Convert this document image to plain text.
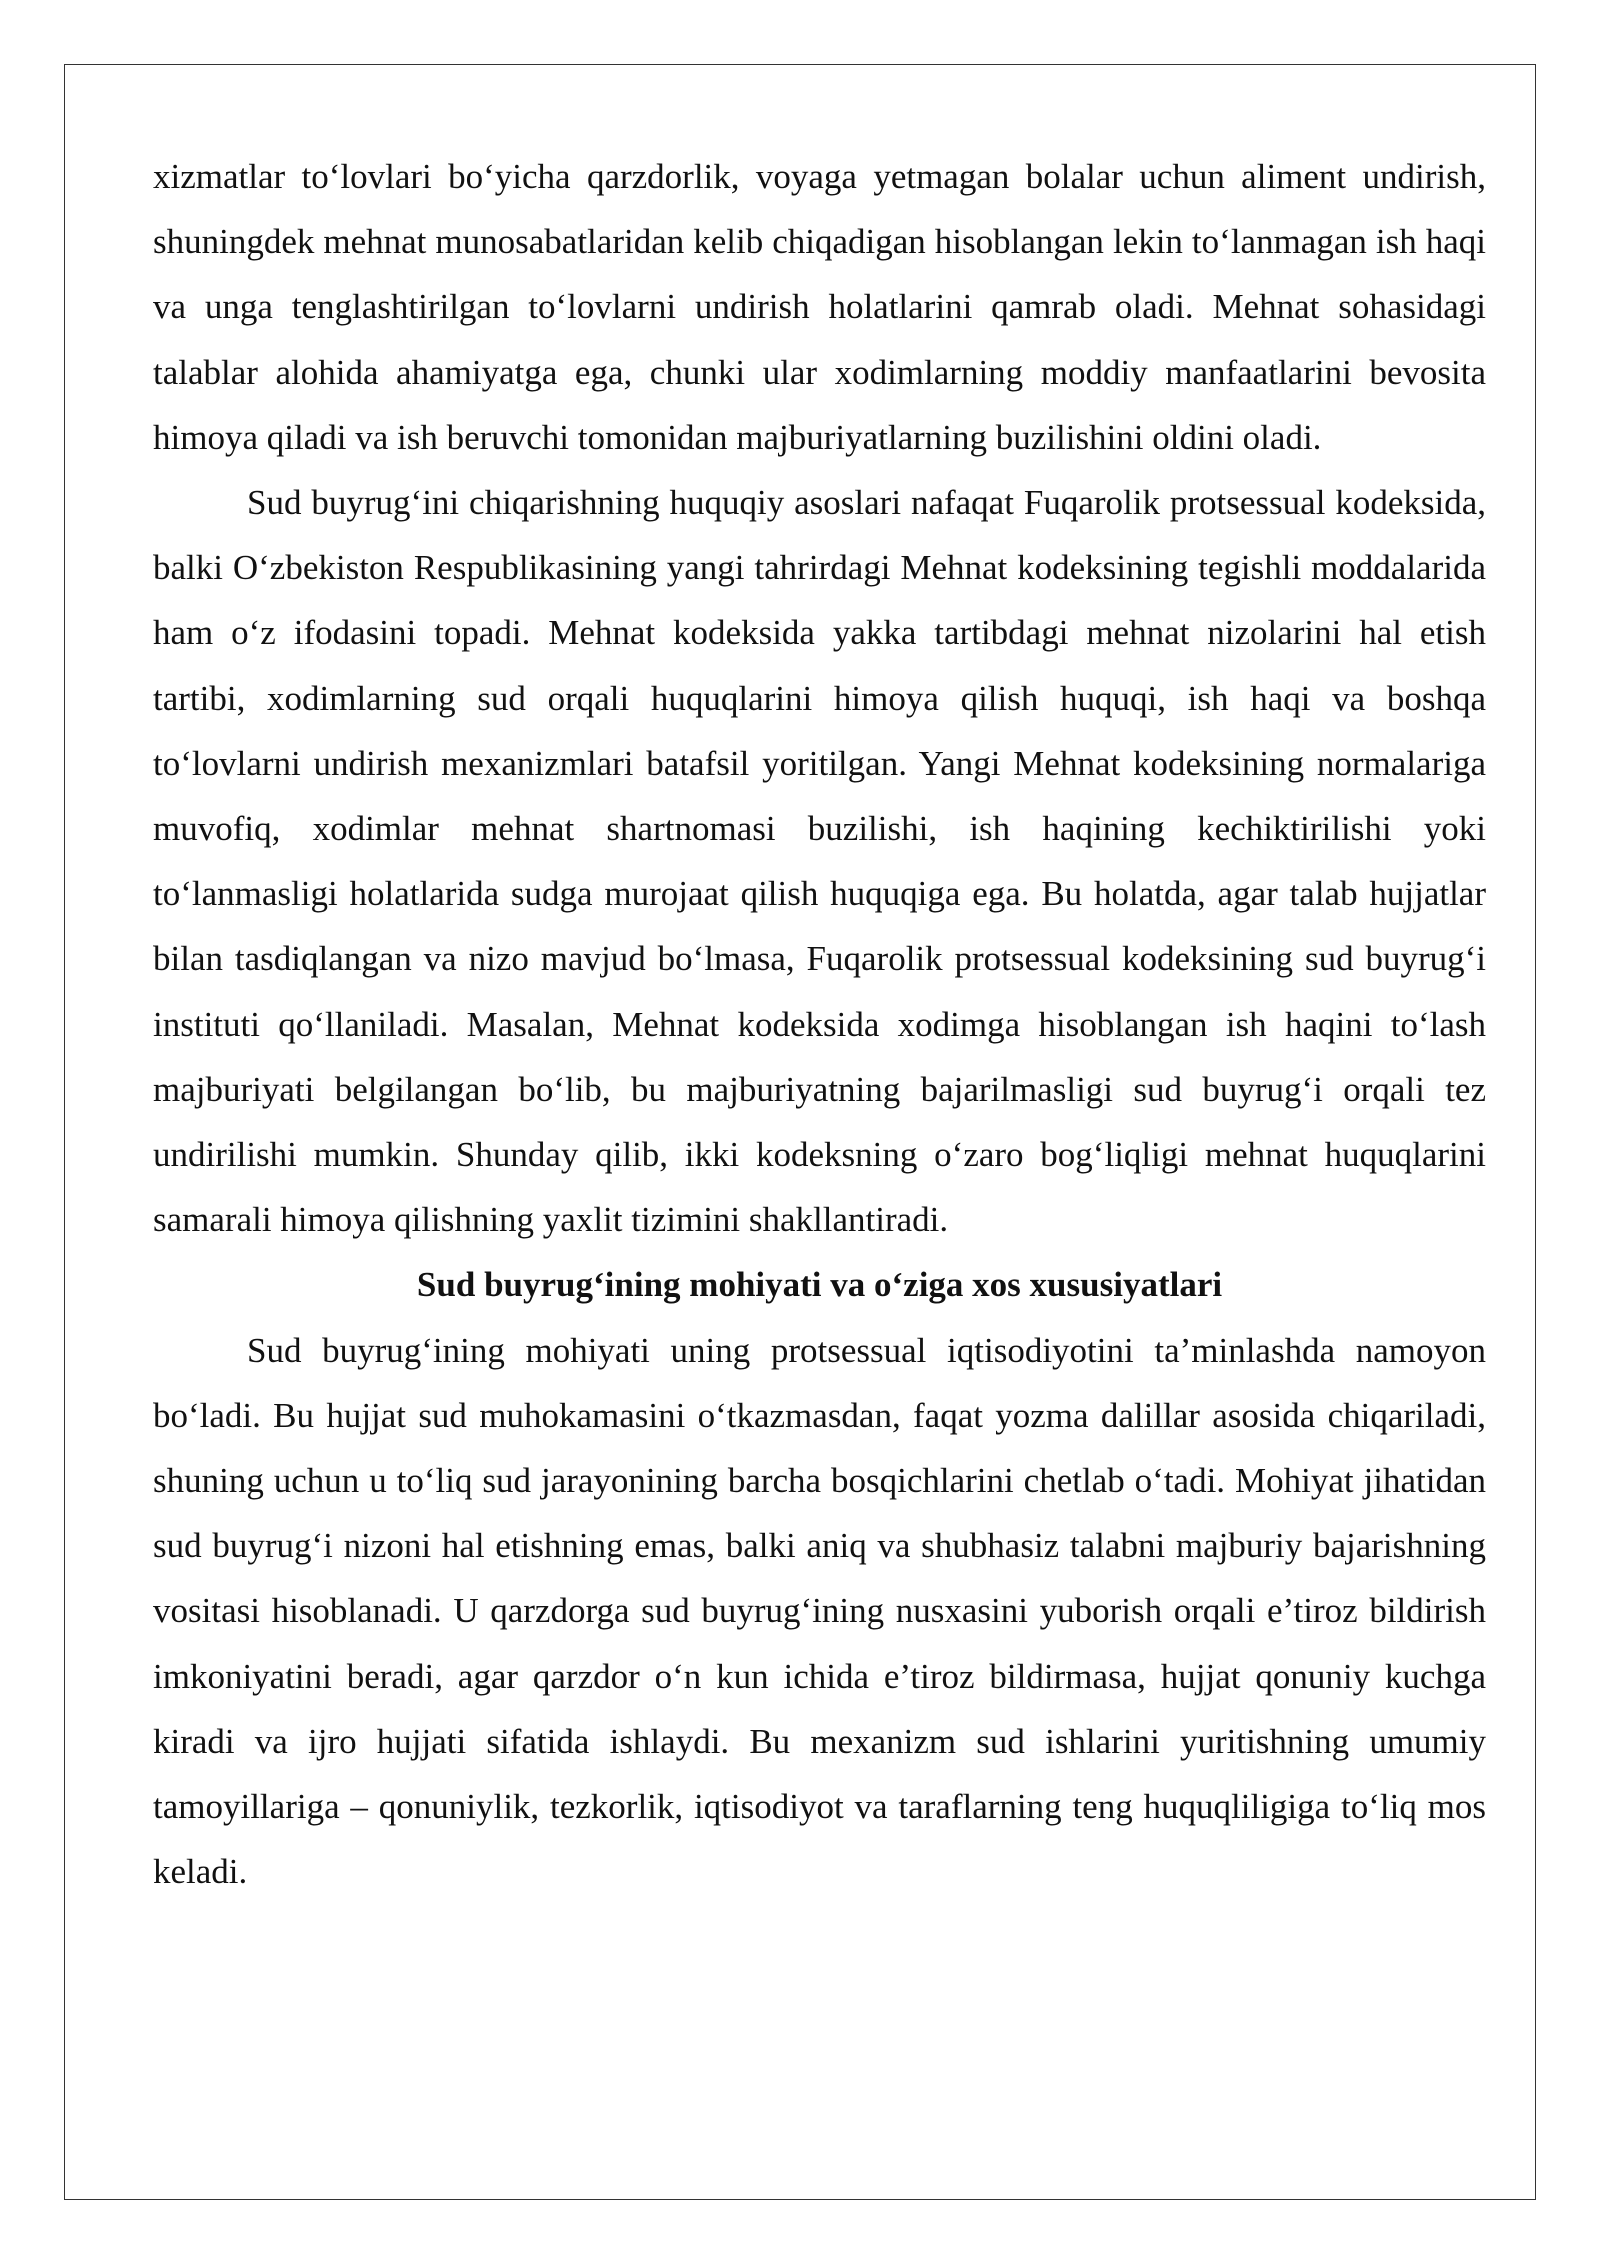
xizmatlar to‘lovlari bo‘yicha qarzdorlik, voyaga yetmagan bolalar uchun aliment undirish, shuningdek mehnat munosabatlaridan kelib chiqadigan hisoblangan lekin to‘lanmagan ish haqi va unga tenglashtirilgan to‘lovlarni undirish holatlarini qamrab oladi. Mehnat sohasidagi talablar alohida ahamiyatga ega, chunki ular xodimlarning moddiy manfaatlarini bevosita himoya qiladi va ish beruvchi tomonidan majburiyatlarning buzilishini oldini oladi.

Sud buyrug‘ini chiqarishning huquqiy asoslari nafaqat Fuqarolik protsessual kodeksida, balki O‘zbekiston Respublikasining yangi tahrirdagi Mehnat kodeksining tegishli moddalarida ham o‘z ifodasini topadi. Mehnat kodeksida yakka tartibdagi mehnat nizolarini hal etish tartibi, xodimlarning sud orqali huquqlarini himoya qilish huquqi, ish haqi va boshqa to‘lovlarni undirish mexanizmlari batafsil yoritilgan. Yangi Mehnat kodeksining normalariga muvofiq, xodimlar mehnat shartnomasi buzilishi, ish haqining kechiktirilishi yoki to‘lanmasligi holatlarida sudga murojaat qilish huquqiga ega. Bu holatda, agar talab hujjatlar bilan tasdiqlangan va nizo mavjud bo‘lmasa, Fuqarolik protsessual kodeksining sud buyrug‘i instituti qo‘llaniladi. Masalan, Mehnat kodeksida xodimga hisoblangan ish haqini to‘lash majburiyati belgilangan bo‘lib, bu majburiyatning bajarilmasligi sud buyrug‘i orqali tez undirilishi mumkin. Shunday qilib, ikki kodeksning o‘zaro bog‘liqligi mehnat huquqlarini samarali himoya qilishning yaxlit tizimini shakllantiradi.

Sud buyrug‘ining mohiyati va o‘ziga xos xususiyatlari

Sud buyrug‘ining mohiyati uning protsessual iqtisodiyotini ta’minlashda namoyon bo‘ladi. Bu hujjat sud muhokamasini o‘tkazmasdan, faqat yozma dalillar asosida chiqariladi, shuning uchun u to‘liq sud jarayonining barcha bosqichlarini chetlab o‘tadi. Mohiyat jihatidan sud buyrug‘i nizoni hal etishning emas, balki aniq va shubhasiz talabni majburiy bajarishning vositasi hisoblanadi. U qarzdorga sud buyrug‘ining nusxasini yuborish orqali e’tiroz bildirish imkoniyatini beradi, agar qarzdor o‘n kun ichida e’tiroz bildirmasa, hujjat qonuniy kuchga kiradi va ijro hujjati sifatida ishlaydi. Bu mexanizm sud ishlarini yuritishning umumiy tamoyillariga – qonuniylik, tezkorlik, iqtisodiyot va taraflarning teng huquqliligiga to‘liq mos keladi.
